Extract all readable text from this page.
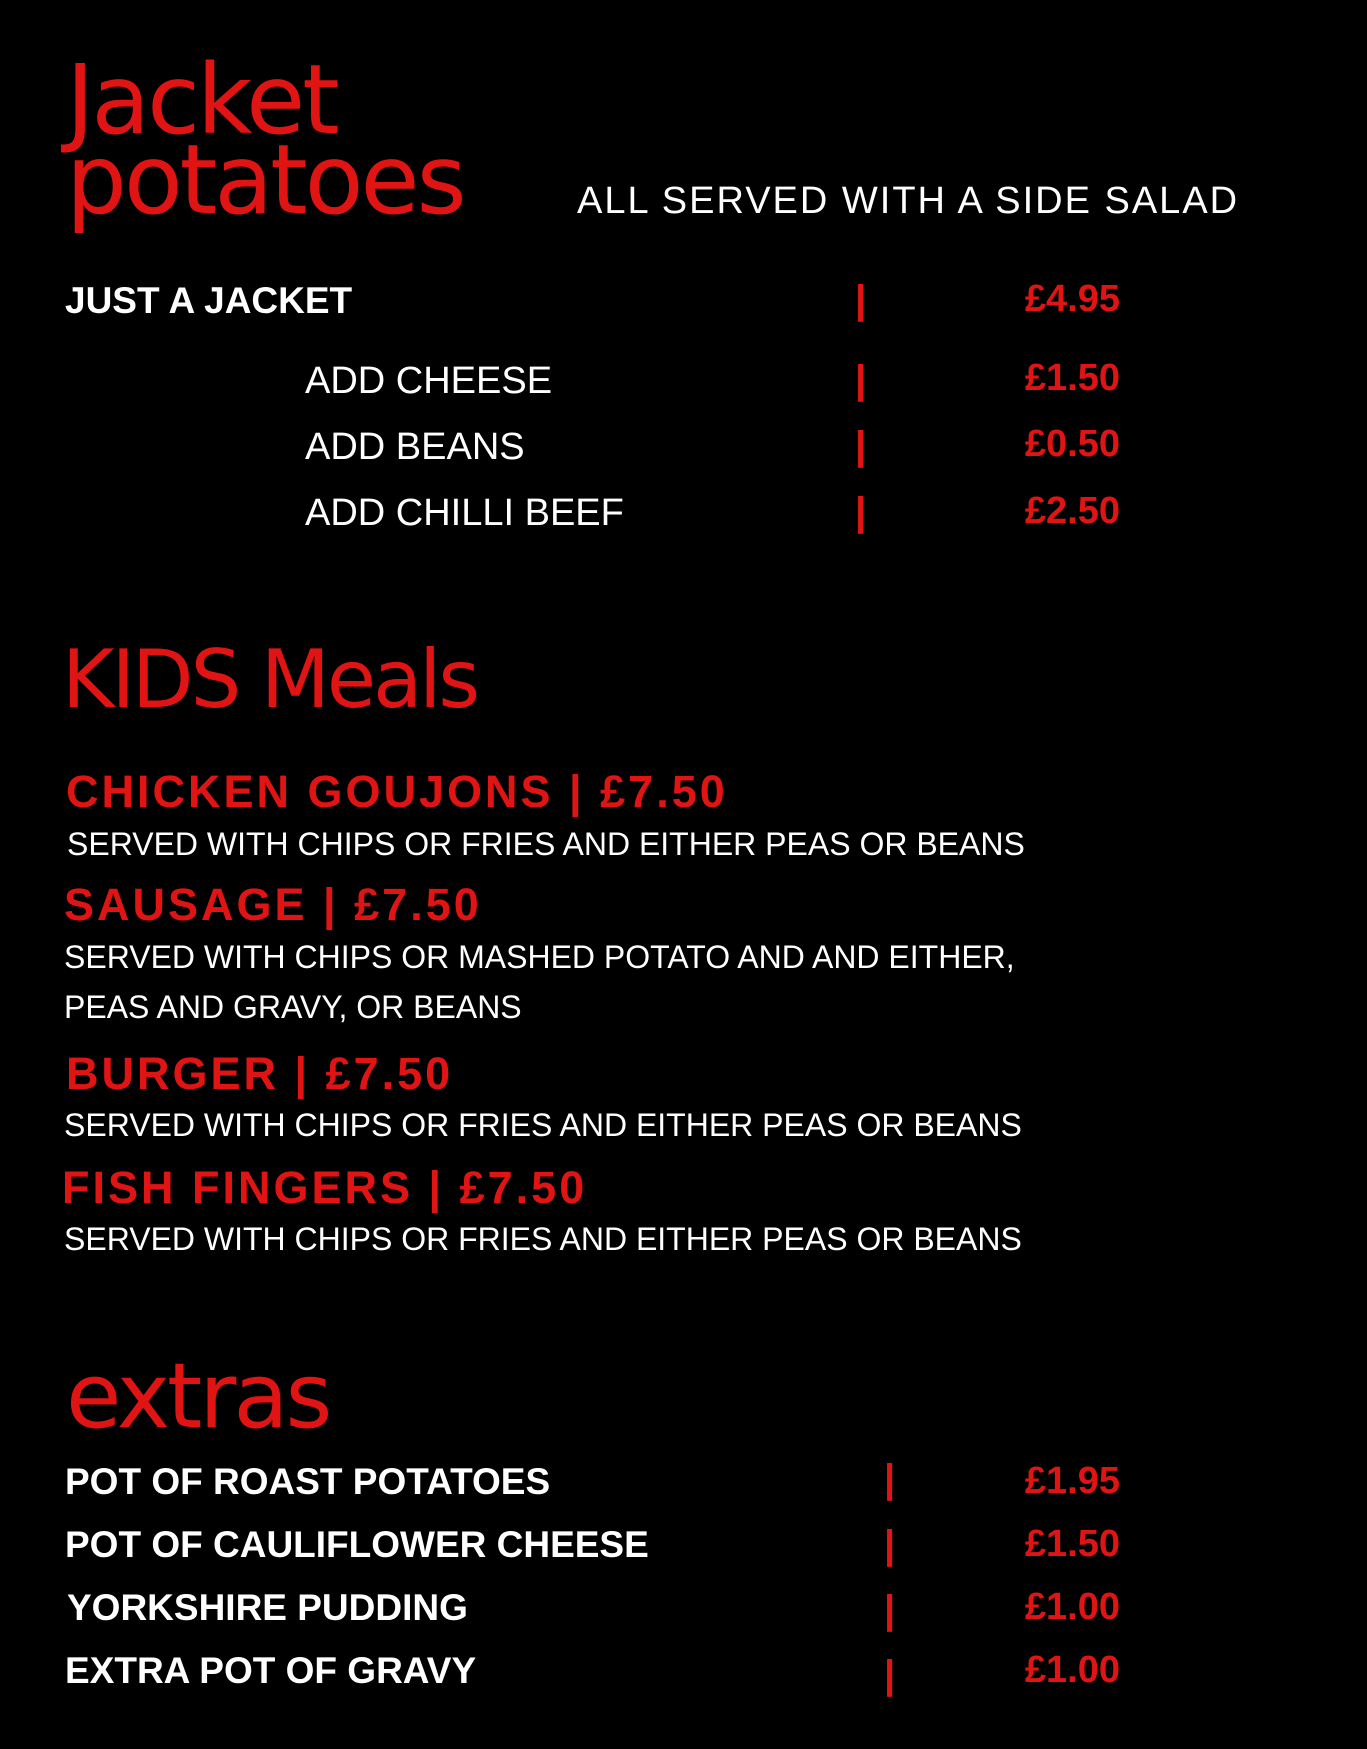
Jacket
potatoes	ALL SERVED WITH A SIDE SALAD
JUST A JACKET	|	£4.95
ADD CHEESE	|	£1.50
ADD BEANS	|	£0.50
ADD CHILLI BEEF	|	£2.50
KIDS Meals
CHICKEN GOUJONS | £7.50
SERVED WITH CHIPS OR FRIES AND EITHER PEAS OR BEANS
SAUSAGE | £7.50
SERVED WITH CHIPS OR MASHED POTATO AND AND EITHER,
PEAS AND GRAVY, OR BEANS
BURGER | £7.50
SERVED WITH CHIPS OR FRIES AND EITHER PEAS OR BEANS
FISH FINGERS | £7.50
SERVED WITH CHIPS OR FRIES AND EITHER PEAS OR BEANS
extras
POT OF ROAST POTATOES	|	£1.95
POT OF CAULIFLOWER CHEESE	|	£1.50
YORKSHIRE PUDDING	|	£1.00
EXTRA POT OF GRAVY	|	£1.00
